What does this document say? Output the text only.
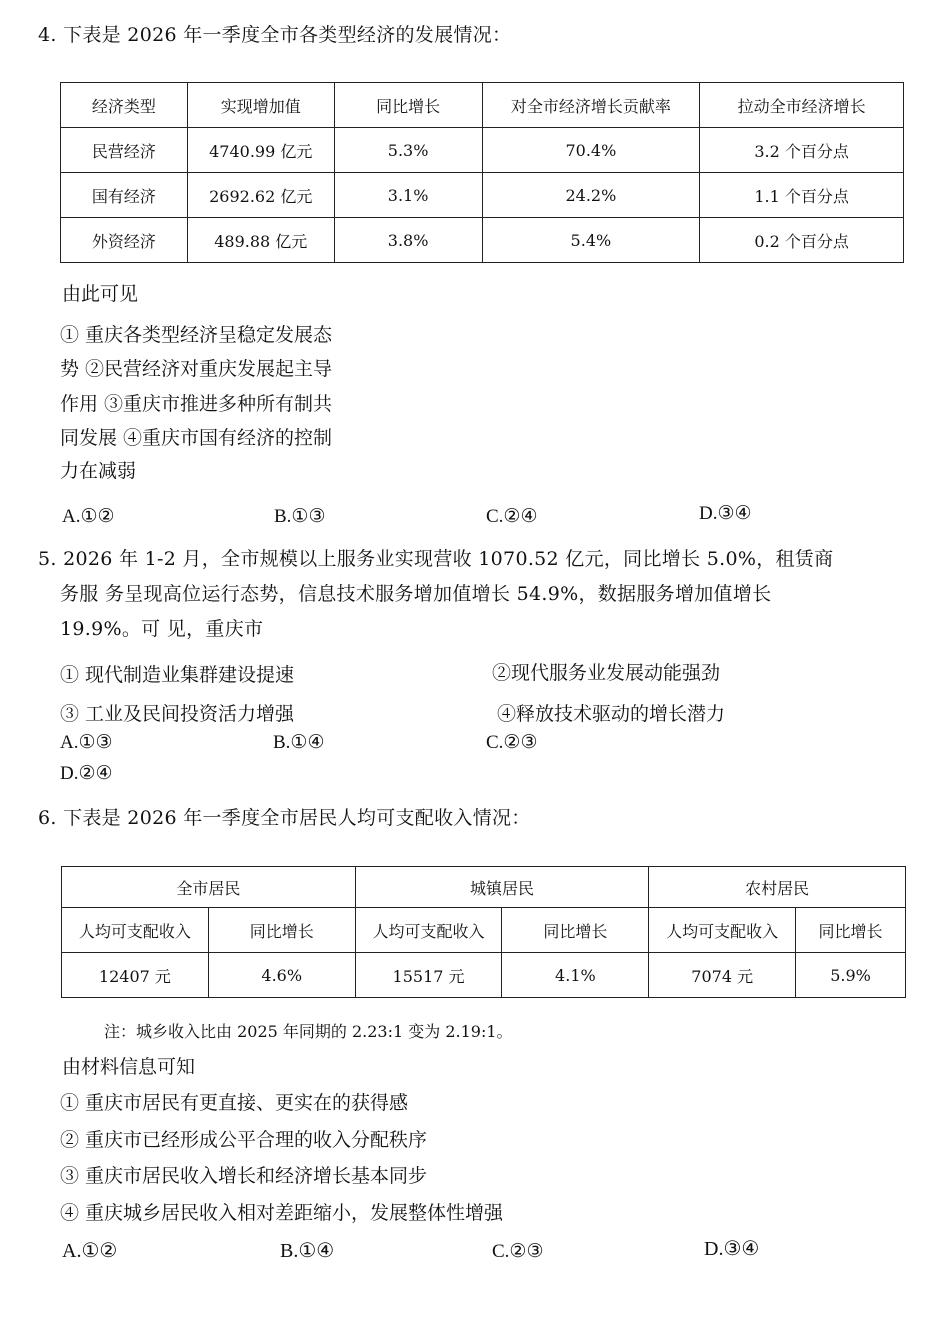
4. 下表是 2026 年一季度全市各类型经济的发展情况：
经济类型	实现增加值	同比增长	对全市经济增长贡献率	拉动全市经济增长
民营经济	4740.99 亿元	5.3%	70.4%	3.2 个百分点
国有经济	2692.62 亿元	3.1%	24.2%	1.1 个百分点
外资经济	489.88 亿元	3.8%	5.4%	0.2 个百分点
由此可见
① 重庆各类型经济呈稳定发展态
势 ②民营经济对重庆发展起主导
作用 ③重庆市推进多种所有制共
同发展 ④重庆市国有经济的控制
力在减弱
A.①②	B.①③	C.②④	D.③④
5. 2026 年 1-2 月，全市规模以上服务业实现营收 1070.52 亿元，同比增长 5.0%，租赁商
务服 务呈现高位运行态势，信息技术服务增加值增长 54.9%，数据服务增加值增长
19.9%。可 见，重庆市
① 现代制造业集群建设提速	②现代服务业发展动能强劲
③ 工业及民间投资活力增强	④释放技术驱动的增长潜力
A.①③	B.①④	C.②③
D.②④
6. 下表是 2026 年一季度全市居民人均可支配收入情况：
全市居民		城镇居民		农村居民	
人均可支配收入	同比增长	人均可支配收入	同比增长	人均可支配收入	同比增长
12407 元	4.6%	15517 元	4.1%	7074 元	5.9%
注：城乡收入比由 2025 年同期的 2.23:1 变为 2.19:1。
由材料信息可知
① 重庆市居民有更直接、更实在的获得感
② 重庆市已经形成公平合理的收入分配秩序
③ 重庆市居民收入增长和经济增长基本同步
④ 重庆城乡居民收入相对差距缩小，发展整体性增强
A.①②	B.①④	C.②③	D.③④
